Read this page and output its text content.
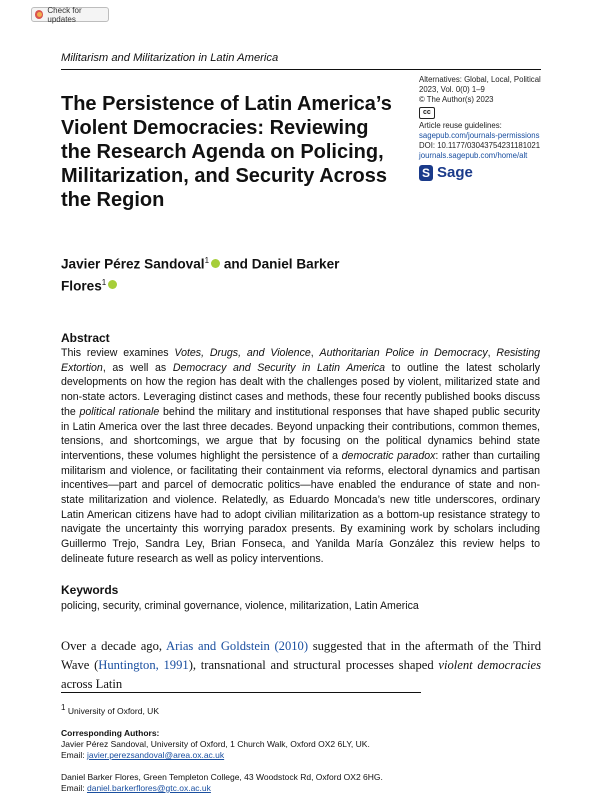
Check for updates
Militarism and Militarization in Latin America
The Persistence of Latin America’s Violent Democracies: Reviewing the Research Agenda on Policing, Militarization, and Security Across the Region
Alternatives: Global, Local, Political
2023, Vol. 0(0) 1–9
© The Author(s) 2023
cc
Article reuse guidelines:
sagepub.com/journals-permissions
DOI: 10.1177/03043754231181021
journals.sagepub.com/home/alt
S Sage
Javier Pérez Sandoval$^1$ and Daniel Barker Flores$^1$
Abstract
This review examines Votes, Drugs, and Violence, Authoritarian Police in Democracy, Resisting Extortion, as well as Democracy and Security in Latin America to outline the latest scholarly developments on how the region has dealt with the challenges posed by violent, militarized state and non-state actors. Leveraging distinct cases and methods, these four recently published books discuss the political rationale behind the military and institutional responses that have shaped public security in Latin America over the last three decades. Beyond unpacking their contributions, common themes, tensions, and shortcomings, we argue that by focusing on the political dynamics behind state interventions, these volumes highlight the persistence of a democratic paradox: rather than curtailing militarism and violence, or facilitating their containment via reforms, electoral dynamics and partisan incentives—part and parcel of democratic politics—have enabled the endurance of state and non-state militarization and violence. Relatedly, as Eduardo Moncada’s new title underscores, ordinary Latin American citizens have had to adopt civilian militarization as a bottom-up resistance strategy to navigate the uncertainty this worrying paradox presents. By examining work by scholars including Guillermo Trejo, Sandra Ley, Brian Fonseca, and Yanilda María González this review helps to delineate future research as well as policy interventions.
Keywords
policing, security, criminal governance, violence, militarization, Latin America
Over a decade ago, Arias and Goldstein (2010) suggested that in the aftermath of the Third Wave (Huntington, 1991), transnational and structural processes shaped violent democracies across Latin
1 University of Oxford, UK
Corresponding Authors:
Javier Pérez Sandoval, University of Oxford, 1 Church Walk, Oxford OX2 6LY, UK.
Email: javier.perezsandoval@area.ox.ac.uk
Daniel Barker Flores, Green Templeton College, 43 Woodstock Rd, Oxford OX2 6HG.
Email: daniel.barkerflores@gtc.ox.ac.uk
